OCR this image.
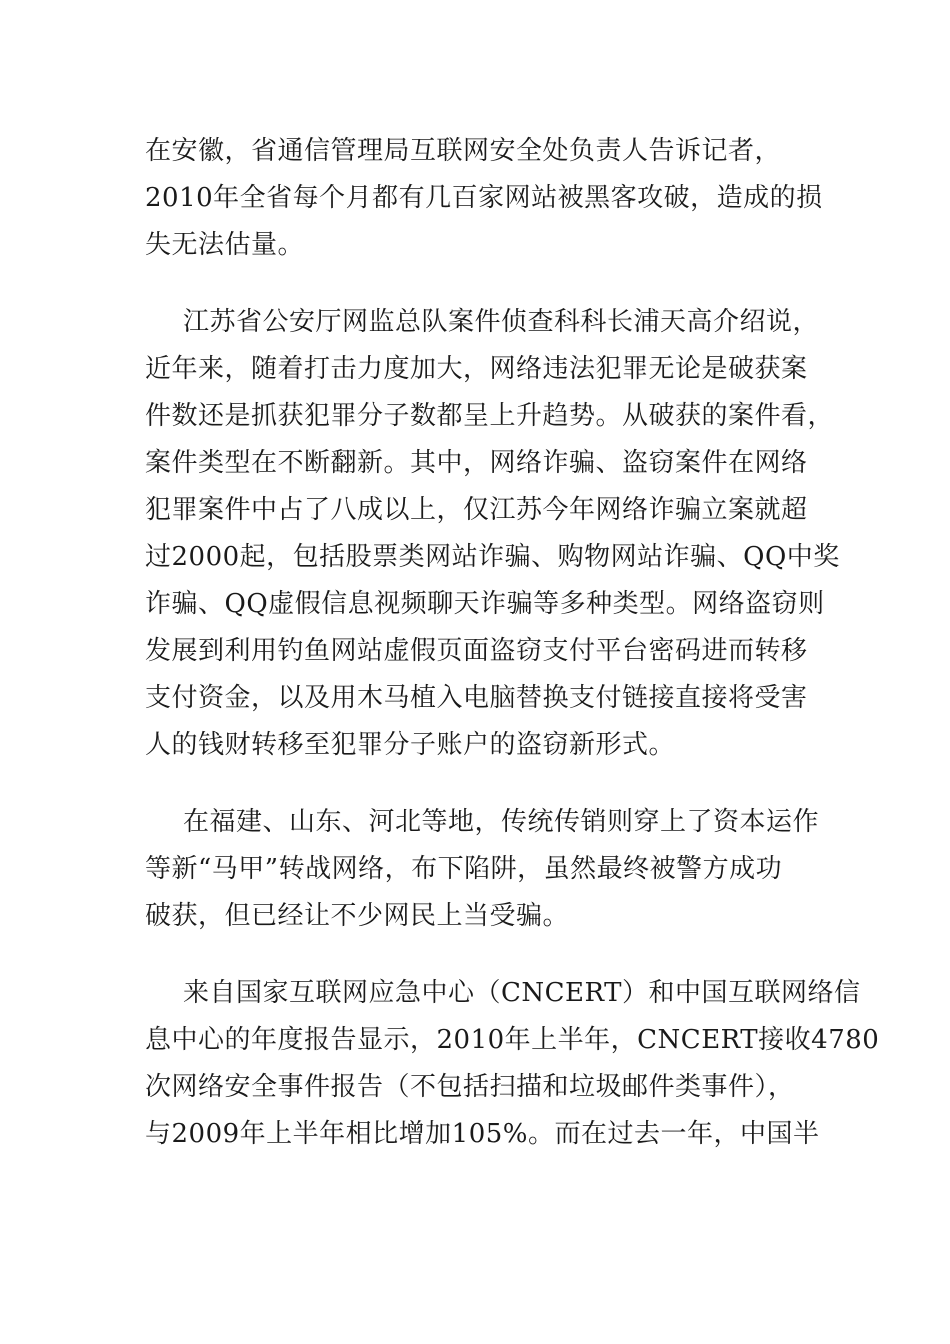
在安徽，省通信管理局互联网安全处负责人告诉记者，
2010年全省每个月都有几百家网站被黑客攻破，造成的损
失无法估量。
江苏省公安厅网监总队案件侦查科科长浦天高介绍说，
近年来，随着打击力度加大，网络违法犯罪无论是破获案
件数还是抓获犯罪分子数都呈上升趋势。从破获的案件看，
案件类型在不断翻新。其中，网络诈骗、盗窃案件在网络
犯罪案件中占了八成以上，仅江苏今年网络诈骗立案就超
过2000起，包括股票类网站诈骗、购物网站诈骗、QQ中奖
诈骗、QQ虚假信息视频聊天诈骗等多种类型。网络盗窃则
发展到利用钓鱼网站虚假页面盗窃支付平台密码进而转移
支付资金，以及用木马植入电脑替换支付链接直接将受害
人的钱财转移至犯罪分子账户的盗窃新形式。
在福建、山东、河北等地，传统传销则穿上了资本运作
等新“马甲”转战网络，布下陷阱，虽然最终被警方成功
破获，但已经让不少网民上当受骗。
来自国家互联网应急中心（CNCERT）和中国互联网络信
息中心的年度报告显示，2010年上半年，CNCERT接收4780
次网络安全事件报告（不包括扫描和垃圾邮件类事件），
与2009年上半年相比增加105%。而在过去一年，中国半
